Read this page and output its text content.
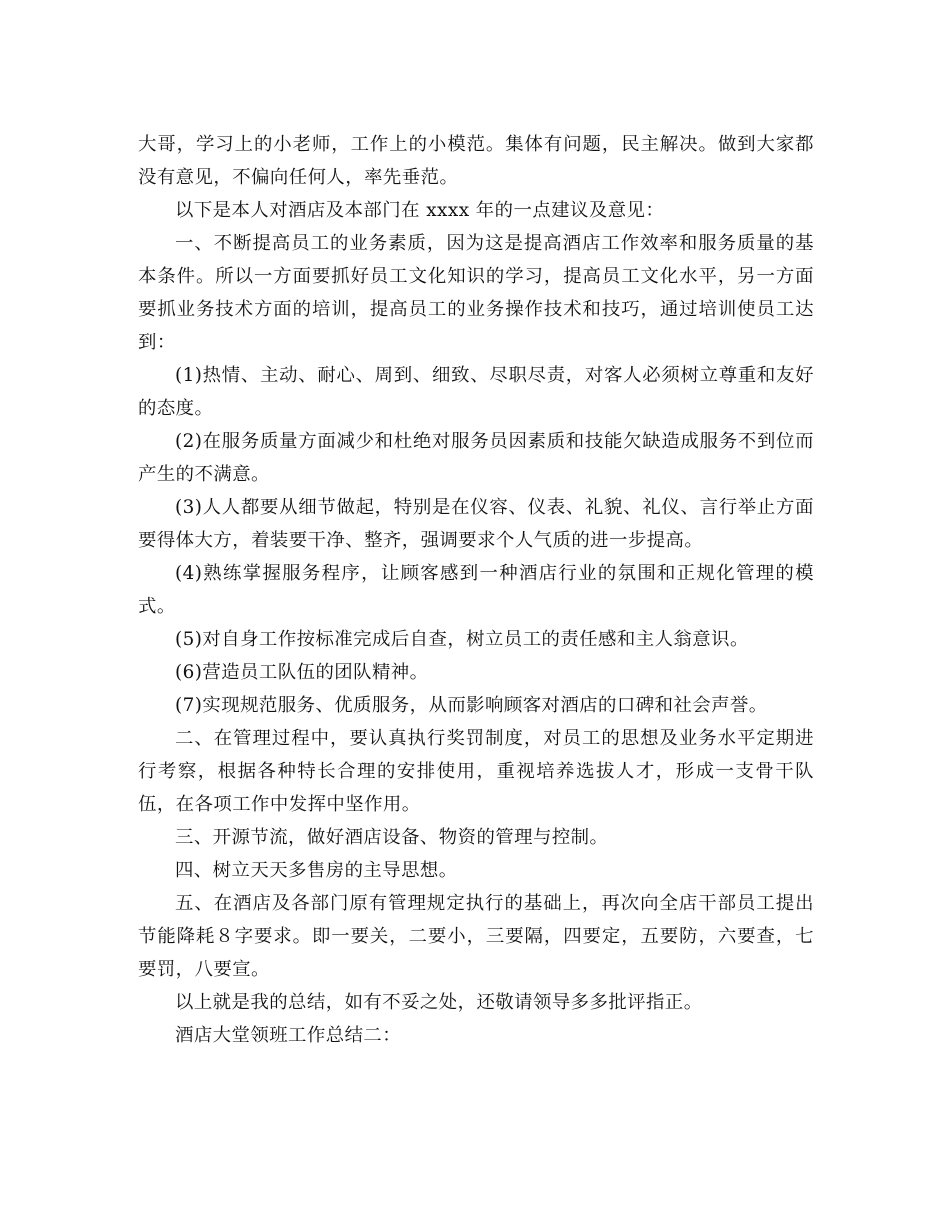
大哥，学习上的小老师，工作上的小模范。集体有问题，民主解决。做到大家都没有意见，不偏向任何人，率先垂范。

以下是本人对酒店及本部门在 xxxx 年的一点建议及意见：

一、不断提高员工的业务素质，因为这是提高酒店工作效率和服务质量的基本条件。所以一方面要抓好员工文化知识的学习，提高员工文化水平，另一方面要抓业务技术方面的培训，提高员工的业务操作技术和技巧，通过培训使员工达到：

(1)热情、主动、耐心、周到、细致、尽职尽责，对客人必须树立尊重和友好的态度。

(2)在服务质量方面减少和杜绝对服务员因素质和技能欠缺造成服务不到位而产生的不满意。

(3)人人都要从细节做起，特别是在仪容、仪表、礼貌、礼仪、言行举止方面要得体大方，着装要干净、整齐，强调要求个人气质的进一步提高。

(4)熟练掌握服务程序，让顾客感到一种酒店行业的氛围和正规化管理的模式。

(5)对自身工作按标准完成后自查，树立员工的责任感和主人翁意识。

(6)营造员工队伍的团队精神。

(7)实现规范服务、优质服务，从而影响顾客对酒店的口碑和社会声誉。

二、在管理过程中，要认真执行奖罚制度，对员工的思想及业务水平定期进行考察，根据各种特长合理的安排使用，重视培养选拔人才，形成一支骨干队伍，在各项工作中发挥中坚作用。

三、开源节流，做好酒店设备、物资的管理与控制。

四、树立天天多售房的主导思想。

五、在酒店及各部门原有管理规定执行的基础上，再次向全店干部员工提出节能降耗８字要求。即一要关，二要小，三要隔，四要定，五要防，六要查，七要罚，八要宣。

以上就是我的总结，如有不妥之处，还敬请领导多多批评指正。

酒店大堂领班工作总结二：
